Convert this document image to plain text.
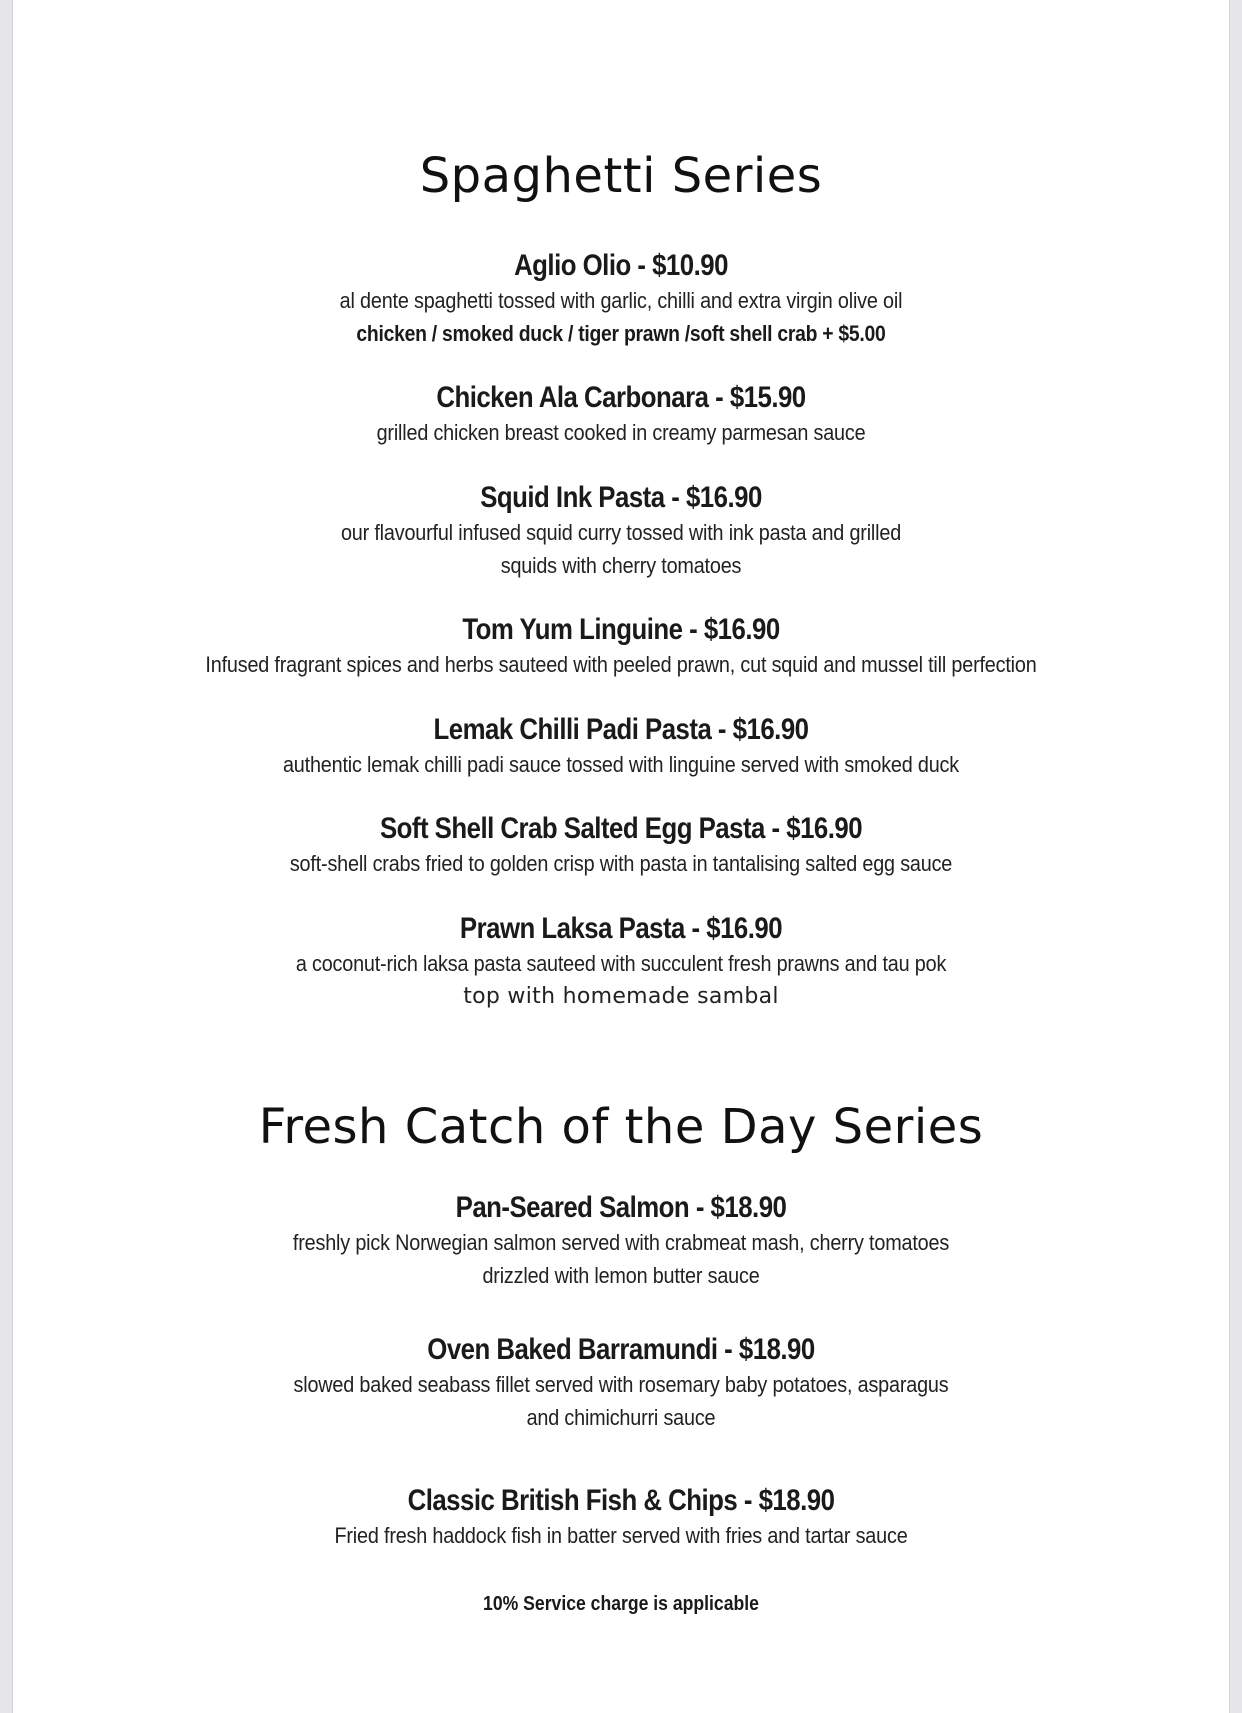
Spaghetti Series
Aglio Olio - $10.90
al dente spaghetti tossed with garlic, chilli and extra virgin olive oil
chicken / smoked duck / tiger prawn /soft shell crab + $5.00
Chicken Ala Carbonara - $15.90
grilled chicken breast cooked in creamy parmesan sauce
Squid Ink Pasta - $16.90
our flavourful infused squid curry tossed with ink pasta and grilled
squids with cherry tomatoes
Tom Yum Linguine - $16.90
Infused fragrant spices and herbs sauteed with peeled prawn, cut squid and mussel till perfection
Lemak Chilli Padi Pasta - $16.90
authentic lemak chilli padi sauce tossed with linguine served with smoked duck
Soft Shell Crab Salted Egg Pasta - $16.90
soft-shell crabs fried to golden crisp with pasta in tantalising salted egg sauce
Prawn Laksa Pasta - $16.90
a coconut-rich laksa pasta sauteed with succulent fresh prawns and tau pok
top with homemade sambal
Fresh Catch of the Day Series
Pan-Seared Salmon - $18.90
freshly pick Norwegian salmon served with crabmeat mash, cherry tomatoes
drizzled with lemon butter sauce
Oven Baked Barramundi - $18.90
slowed baked seabass fillet served with rosemary baby potatoes, asparagus
and chimichurri sauce
Classic British Fish & Chips - $18.90
Fried fresh haddock fish in batter served with fries and tartar sauce
10% Service charge is applicable
